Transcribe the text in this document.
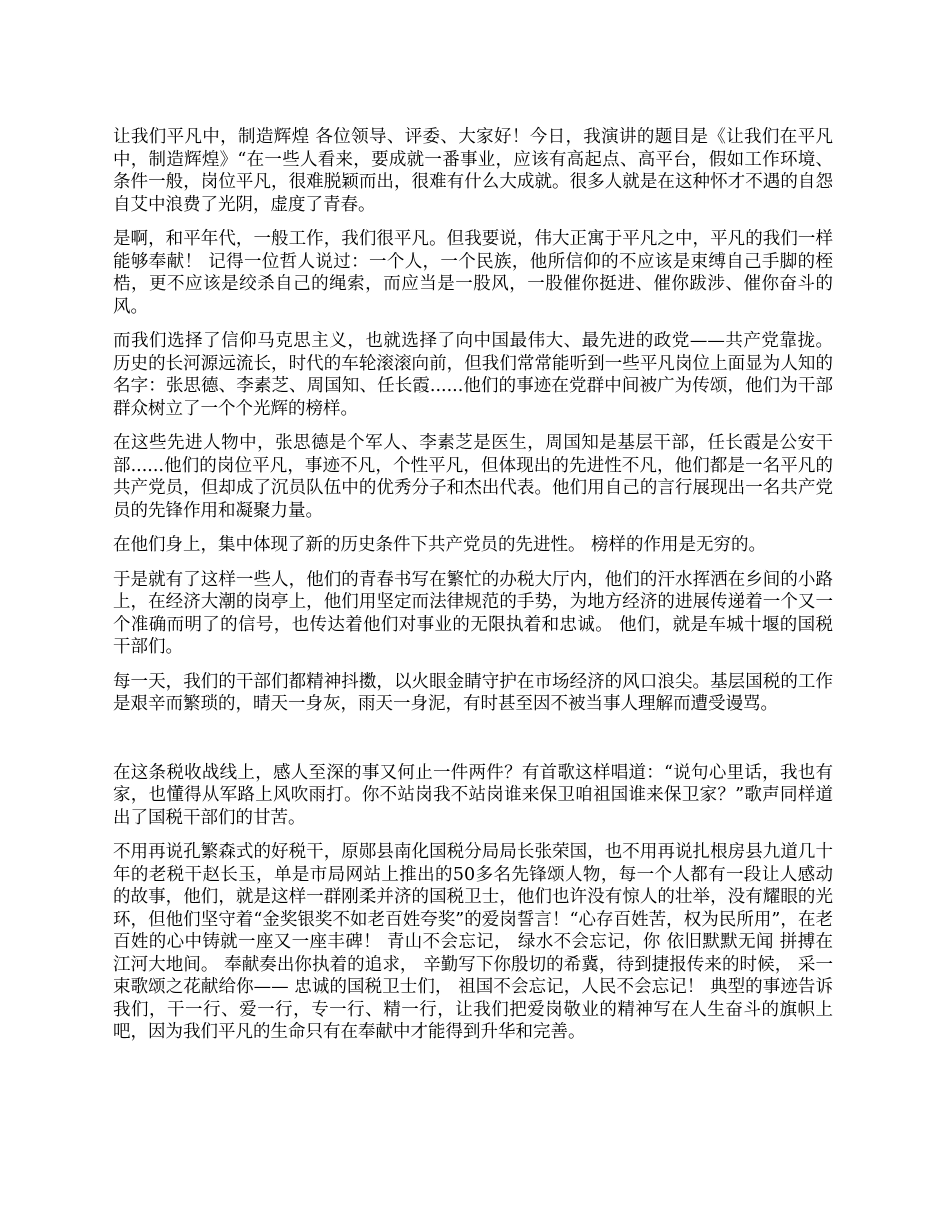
让我们平凡中，制造辉煌 各位领导、评委、大家好！今日，我演讲的题目是《让我们在平凡中，制造辉煌》“在一些人看来，要成就一番事业，应该有高起点、高平台，假如工作环境、条件一般，岗位平凡，很难脱颖而出，很难有什么大成就。很多人就是在这种怀才不遇的自怨自艾中浪费了光阴，虚度了青春。

是啊，和平年代，一般工作，我们很平凡。但我要说，伟大正寓于平凡之中，平凡的我们一样能够奉献！ 记得一位哲人说过：一个人，一个民族，他所信仰的不应该是束缚自己手脚的桎梏，更不应该是绞杀自己的绳索，而应当是一股风，一股催你挺进、催你跋涉、催你奋斗的风。

而我们选择了信仰马克思主义，也就选择了向中国最伟大、最先进的政党——共产党靠拢。 历史的长河源远流长，时代的车轮滚滚向前，但我们常常能听到一些平凡岗位上面显为人知的名字：张思德、李素芝、周国知、任长霞......他们的事迹在党群中间被广为传颂，他们为干部群众树立了一个个光辉的榜样。

在这些先进人物中，张思德是个军人、李素芝是医生，周国知是基层干部，任长霞是公安干部......他们的岗位平凡，事迹不凡，个性平凡，但体现出的先进性不凡，他们都是一名平凡的共产党员，但却成了沉员队伍中的优秀分子和杰出代表。他们用自己的言行展现出一名共产党员的先锋作用和凝聚力量。

在他们身上，集中体现了新的历史条件下共产党员的先进性。 榜样的作用是无穷的。

于是就有了这样一些人，他们的青春书写在繁忙的办税大厅内，他们的汗水挥洒在乡间的小路上，在经济大潮的岗亭上，他们用坚定而法律规范的手势，为地方经济的进展传递着一个又一个准确而明了的信号，也传达着他们对事业的无限执着和忠诚。 他们，就是车城十堰的国税干部们。

每一天，我们的干部们都精神抖擞，以火眼金睛守护在市场经济的风口浪尖。基层国税的工作是艰辛而繁琐的，晴天一身灰，雨天一身泥，有时甚至因不被当事人理解而遭受谩骂。

在这条税收战线上，感人至深的事又何止一件两件？有首歌这样唱道：“说句心里话，我也有家，也懂得从军路上风吹雨打。你不站岗我不站岗谁来保卫咱祖国谁来保卫家？”歌声同样道出了国税干部们的甘苦。

不用再说孔繁森式的好税干，原郧县南化国税分局局长张荣国，也不用再说扎根房县九道几十年的老税干赵长玉，单是市局网站上推出的50多名先锋颂人物，每一个人都有一段让人感动的故事，他们，就是这样一群刚柔并济的国税卫士，他们也许没有惊人的壮举，没有耀眼的光环，但他们坚守着“金奖银奖不如老百姓夸奖”的爱岗誓言！“心存百姓苦，权为民所用”，在老百姓的心中铸就一座又一座丰碑！ 青山不会忘记， 绿水不会忘记，你 依旧默默无闻 拼搏在江河大地间。 奉献奏出你执着的追求， 辛勤写下你殷切的希冀，待到捷报传来的时候， 采一束歌颂之花献给你—— 忠诚的国税卫士们， 祖国不会忘记，人民不会忘记！ 典型的事迹告诉我们，干一行、爱一行，专一行、精一行，让我们把爱岗敬业的精神写在人生奋斗的旗帜上吧，因为我们平凡的生命只有在奉献中才能得到升华和完善。
